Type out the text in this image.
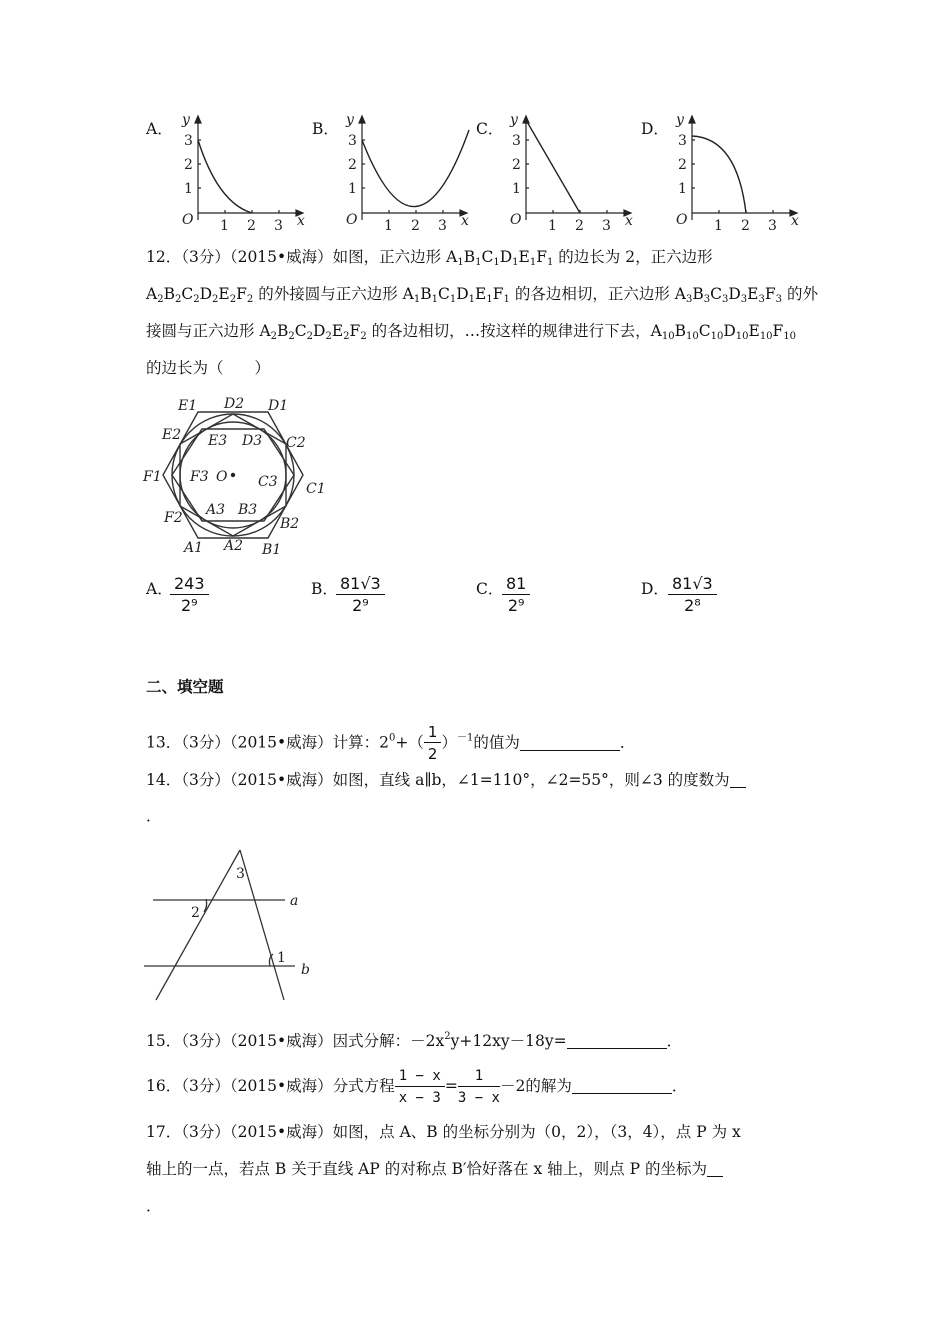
A．	B．	C．	D．
O 1 2 3
1
2
3
y
x	O 1 2 3
1
2
3
y
x	O 1 2 3
1
2
3
y
x	O 1 2 3
1
2
3
y
x
12．（3分）（2015•威海）如图，正六边形 $A_1B_1C_1D_1E_1F_1$ 的边长为 2，正六边形
$A_2B_2C_2D_2E_2F_2$ 的外接圆与正六边形 $A_1B_1C_1D_1E_1F_1$ 的各边相切，正六边形 $A_3B_3C_3D_3E_3F_3$ 的外
接圆与正六边形 $A_2B_2C_2D_2E_2F_2$ 的各边相切，…按这样的规律进行下去，$A_{10}B_{10}C_{10}D_{10}E_{10}F_{10}$
的边长为（　　）
E1 D2 D1
E2 E3 D3 C2
F1 F3 O C3 C1
A3 B3
F2	B2
A1 A2 B1
A．
$\frac{243}{\text{2⁹}}$	B．
$\frac{81√3}{\text{2⁹}}$	C．
$\frac{81}{\text{2⁹}}$	D． $\frac{81√3}{\text{2⁸}}$
二、填空题
13．（3分）（2015•威海）计算：$2^0+( \frac{1}{2} )^{-1}$的值为	．
14．（3分）（2015•威海）如图，直线 a∥b，∠1=110°，∠2=55°，则∠3 的度数为
．
a
b
3
2
1
15．（3分）（2015•威海）因式分解：$-2x^2y+12xy-18y=$	．
16．（3分）（2015•威海）分式方程 $\frac{1 - x}{x - 3} = \frac{1}{3 - x} -2$的解为	．
17．（3分）（2015•威海）如图，点 A、B 的坐标分别为（0，2），（3，4），点 P 为 x
轴上的一点，若点 B 关于直线 AP 的对称点 B′恰好落在 x 轴上，则点 P 的坐标为
．
